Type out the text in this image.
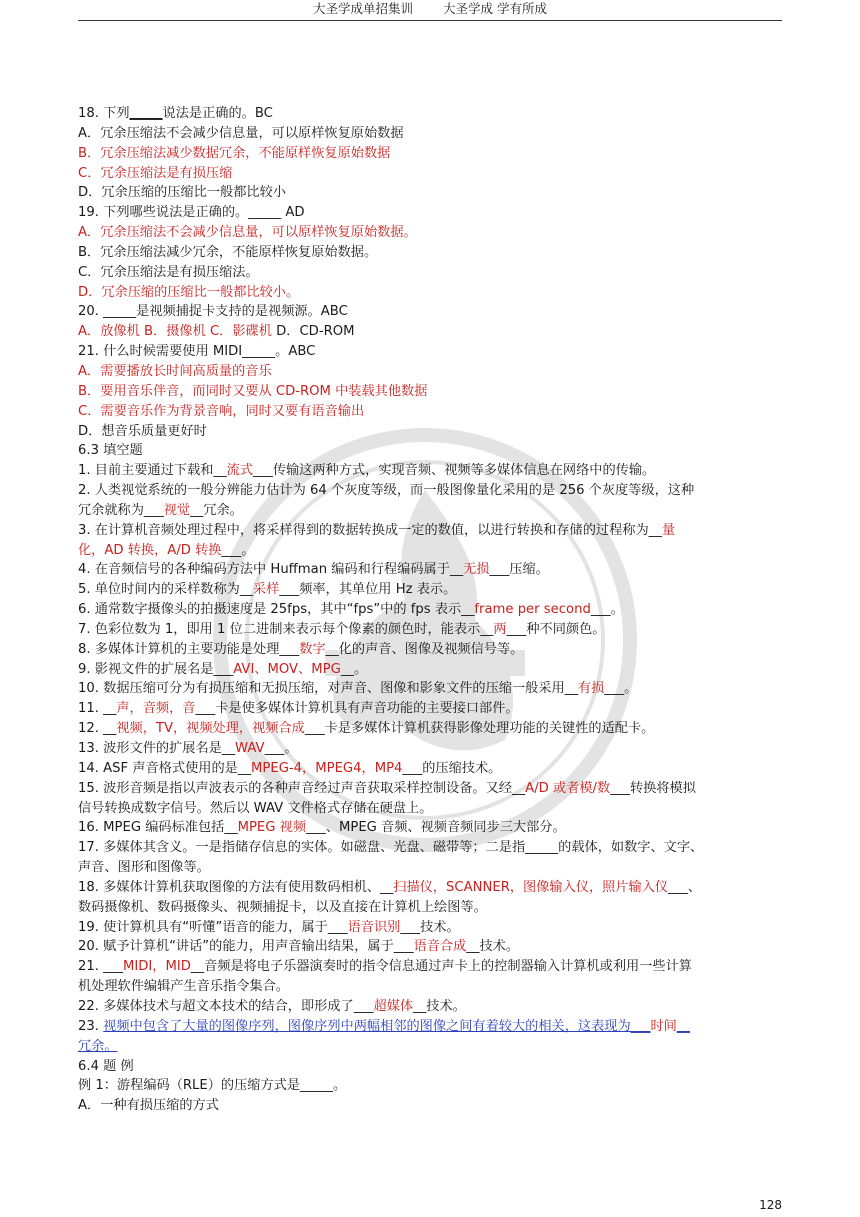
大圣学成单招集训 大圣学成 学有所成
18. 下列_____说法是正确的。BC
A．冗余压缩法不会减少信息量，可以原样恢复原始数据
B．冗余压缩法减少数据冗余，不能原样恢复原始数据
C．冗余压缩法是有损压缩
D．冗余压缩的压缩比一般都比较小
19. 下列哪些说法是正确的。_____ AD
A．冗余压缩法不会减少信息量，可以原样恢复原始数据。
B．冗余压缩法减少冗余，不能原样恢复原始数据。
C．冗余压缩法是有损压缩法。
D．冗余压缩的压缩比一般都比较小。
20. _____是视频捕捉卡支持的是视频源。ABC
A．放像机 B．摄像机 C．影碟机 D．CD-ROM
21. 什么时候需要使用 MIDI_____。ABC
A．需要播放长时间高质量的音乐
B．要用音乐伴音，而同时又要从 CD-ROM 中装载其他数据
C．需要音乐作为背景音响，同时又要有语音输出
D．想音乐质量更好时
6.3 填空题
1. 目前主要通过下载和__流式___传输这两种方式，实现音频、视频等多媒体信息在网络中的传输。
2. 人类视觉系统的一般分辨能力估计为 64 个灰度等级，而一般图像量化采用的是 256 个灰度等级，这种
冗余就称为___视觉__冗余。
3. 在计算机音频处理过程中，将采样得到的数据转换成一定的数值，以进行转换和存储的过程称为__量
化，AD 转换，A/D 转换___。
4. 在音频信号的各种编码方法中 Huffman 编码和行程编码属于__无损___压缩。
5. 单位时间内的采样数称为__采样___频率，其单位用 Hz 表示。
6. 通常数字摄像头的拍摄速度是 25fps，其中“fps”中的 fps 表示__frame per second___。
7. 色彩位数为 1，即用 1 位二进制来表示每个像素的颜色时，能表示__两___种不同颜色。
8. 多媒体计算机的主要功能是处理___数字__化的声音、图像及视频信号等。
9. 影视文件的扩展名是___AVI、MOV、MPG__。
10. 数据压缩可分为有损压缩和无损压缩，对声音、图像和影象文件的压缩一般采用__有损___。
11. __声，音频，音___卡是使多媒体计算机具有声音功能的主要接口部件。
12. __视频，TV，视频处理，视频合成___卡是多媒体计算机获得影像处理功能的关键性的适配卡。
13. 波形文件的扩展名是__WAV___。
14. ASF 声音格式使用的是__MPEG-4，MPEG4，MP4___的压缩技术。
15. 波形音频是指以声波表示的各种声音经过声音获取采样控制设备。又经__A/D 或者模/数___转换将模拟
信号转换成数字信号。然后以 WAV 文件格式存储在硬盘上。
16. MPEG 编码标准包括__MPEG 视频___、MPEG 音频、视频音频同步三大部分。
17. 多媒体其含义。一是指储存信息的实体。如磁盘、光盘、磁带等；二是指_____的载体，如数字、文字、
声音、图形和图像等。
18. 多媒体计算机获取图像的方法有使用数码相机、__扫描仪，SCANNER，图像输入仪，照片输入仪___、
数码摄像机、数码摄像头、视频捕捉卡，以及直接在计算机上绘图等。
19. 使计算机具有“听懂”语音的能力，属于___语音识别___技术。
20. 赋予计算机“讲话”的能力，用声音输出结果，属于___语音合成__技术。
21. ___MIDI，MID__音频是将电子乐器演奏时的指令信息通过声卡上的控制器输入计算机或利用一些计算
机处理软件编辑产生音乐指令集合。
22. 多媒体技术与超文本技术的结合，即形成了___超媒体__技术。
23. 视频中包含了大量的图像序列，图像序列中两幅相邻的图像之间有着较大的相关，这表现为___时间__
冗余。
6.4 题 例
例 1：游程编码（RLE）的压缩方式是_____。
A．一种有损压缩的方式
128
